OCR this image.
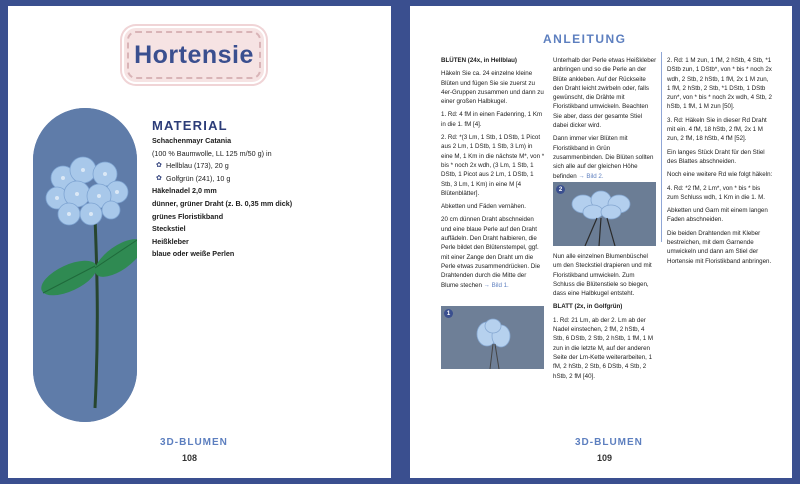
Hortensie
MATERIAL
Schachenmayr Catania
(100 % Baumwolle, LL 125 m/50 g) in
✿ Hellblau (173), 20 g
✿ Golfgrün (241), 10 g
Häkelnadel 2,0 mm
dünner, grüner Draht (z. B. 0,35 mm dick)
grünes Floristikband
Steckstiel
Heißkleber
blaue oder weiße Perlen
3D-BLUMEN
108
ANLEITUNG

BLÜTEN (24x, in Hellblau)

Häkeln Sie ca. 24 einzelne kleine Blüten und fügen Sie sie zuerst zu 4er-Gruppen zusammen und dann zu einer großen Halbkugel.

1. Rd: 4 fM in einen Fadenring, 1 Km in die 1. fM [4].

2. Rd: *(3 Lm, 1 Stb, 1 DStb, 1 Picot aus 2 Lm, 1 DStb, 1 Stb, 3 Lm) in eine M, 1 Km in die nächste M*, von * bis * noch 2x wdh, (3 Lm, 1 Stb, 1 DStb, 1 Picot aus 2 Lm, 1 DStb, 1 Stb, 3 Lm, 1 Km) in eine M [4 Blütenblätter].

Abketten und Fäden vernähen.

20 cm dünnen Draht abschneiden und eine blaue Perle auf den Draht auffädeln. Den Draht halbieren, die Perle bildet den Blütenstempel, ggf. mit einer Zange den Draht um die Perle etwas zusammendrücken. Die Drahtenden durch die Mitte der Blume stechen → Bild 1.

1

Unterhalb der Perle etwas Heißkleber anbringen und so die Perle an der Blüte ankleben. Auf der Rückseite den Draht leicht zwirbeln oder, falls gewünscht, die Drähte mit Floristikband umwickeln. Beachten Sie aber, dass der gesamte Stiel dabei dicker wird.

Dann immer vier Blüten mit Floristikband in Grün zusammenbinden. Die Blüten sollten sich alle auf der gleichen Höhe befinden → Bild 2.

2

Nun alle einzelnen Blumenbüschel um den Steckstiel drapieren und mit Floristikband umwickeln. Zum Schluss die Blütenstiele so biegen, dass eine Halbkugel entsteht.

BLATT (2x, in Golfgrün)

1. Rd: 21 Lm, ab der 2. Lm ab der Nadel einstechen, 2 fM, 2 hStb, 4 Stb, 6 DStb, 2 Stb, 2 hStb, 1 fM, 1 M zun in die letzte M, auf der anderen Seite der Lm-Kette weiterarbeiten, 1 fM, 2 hStb, 2 Stb, 6 DStb, 4 Stb, 2 hStb, 2 fM [40].

2. Rd: 1 M zun, 1 fM, 2 hStb, 4 Stb, *1 DStb zun, 1 DStb*, von * bis * noch 2x wdh, 2 Stb, 2 hStb, 1 fM, 2x 1 M zun, 1 fM, 2 hStb, 2 Stb, *1 DStb, 1 DStb zun*, von * bis * noch 2x wdh, 4 Stb, 2 hStb, 1 fM, 1 M zun [50].

3. Rd: Häkeln Sie in dieser Rd Draht mit ein. 4 fM, 18 hStb, 2 fM, 2x 1 M zun, 2 fM, 18 hStb, 4 fM [52].

Ein langes Stück Draht für den Stiel des Blattes abschneiden.

Noch eine weitere Rd wie folgt häkeln:

4. Rd: *2 fM, 2 Lm*, von * bis * bis zum Schluss wdh, 1 Km in die 1. M.

Abketten und Garn mit einem langen Faden abschneiden.

Die beiden Drahtenden mit Kleber bestreichen, mit dem Garnende umwickeln und dann am Stiel der Hortensie mit Floristikband anbringen.

3D-BLUMEN
109
